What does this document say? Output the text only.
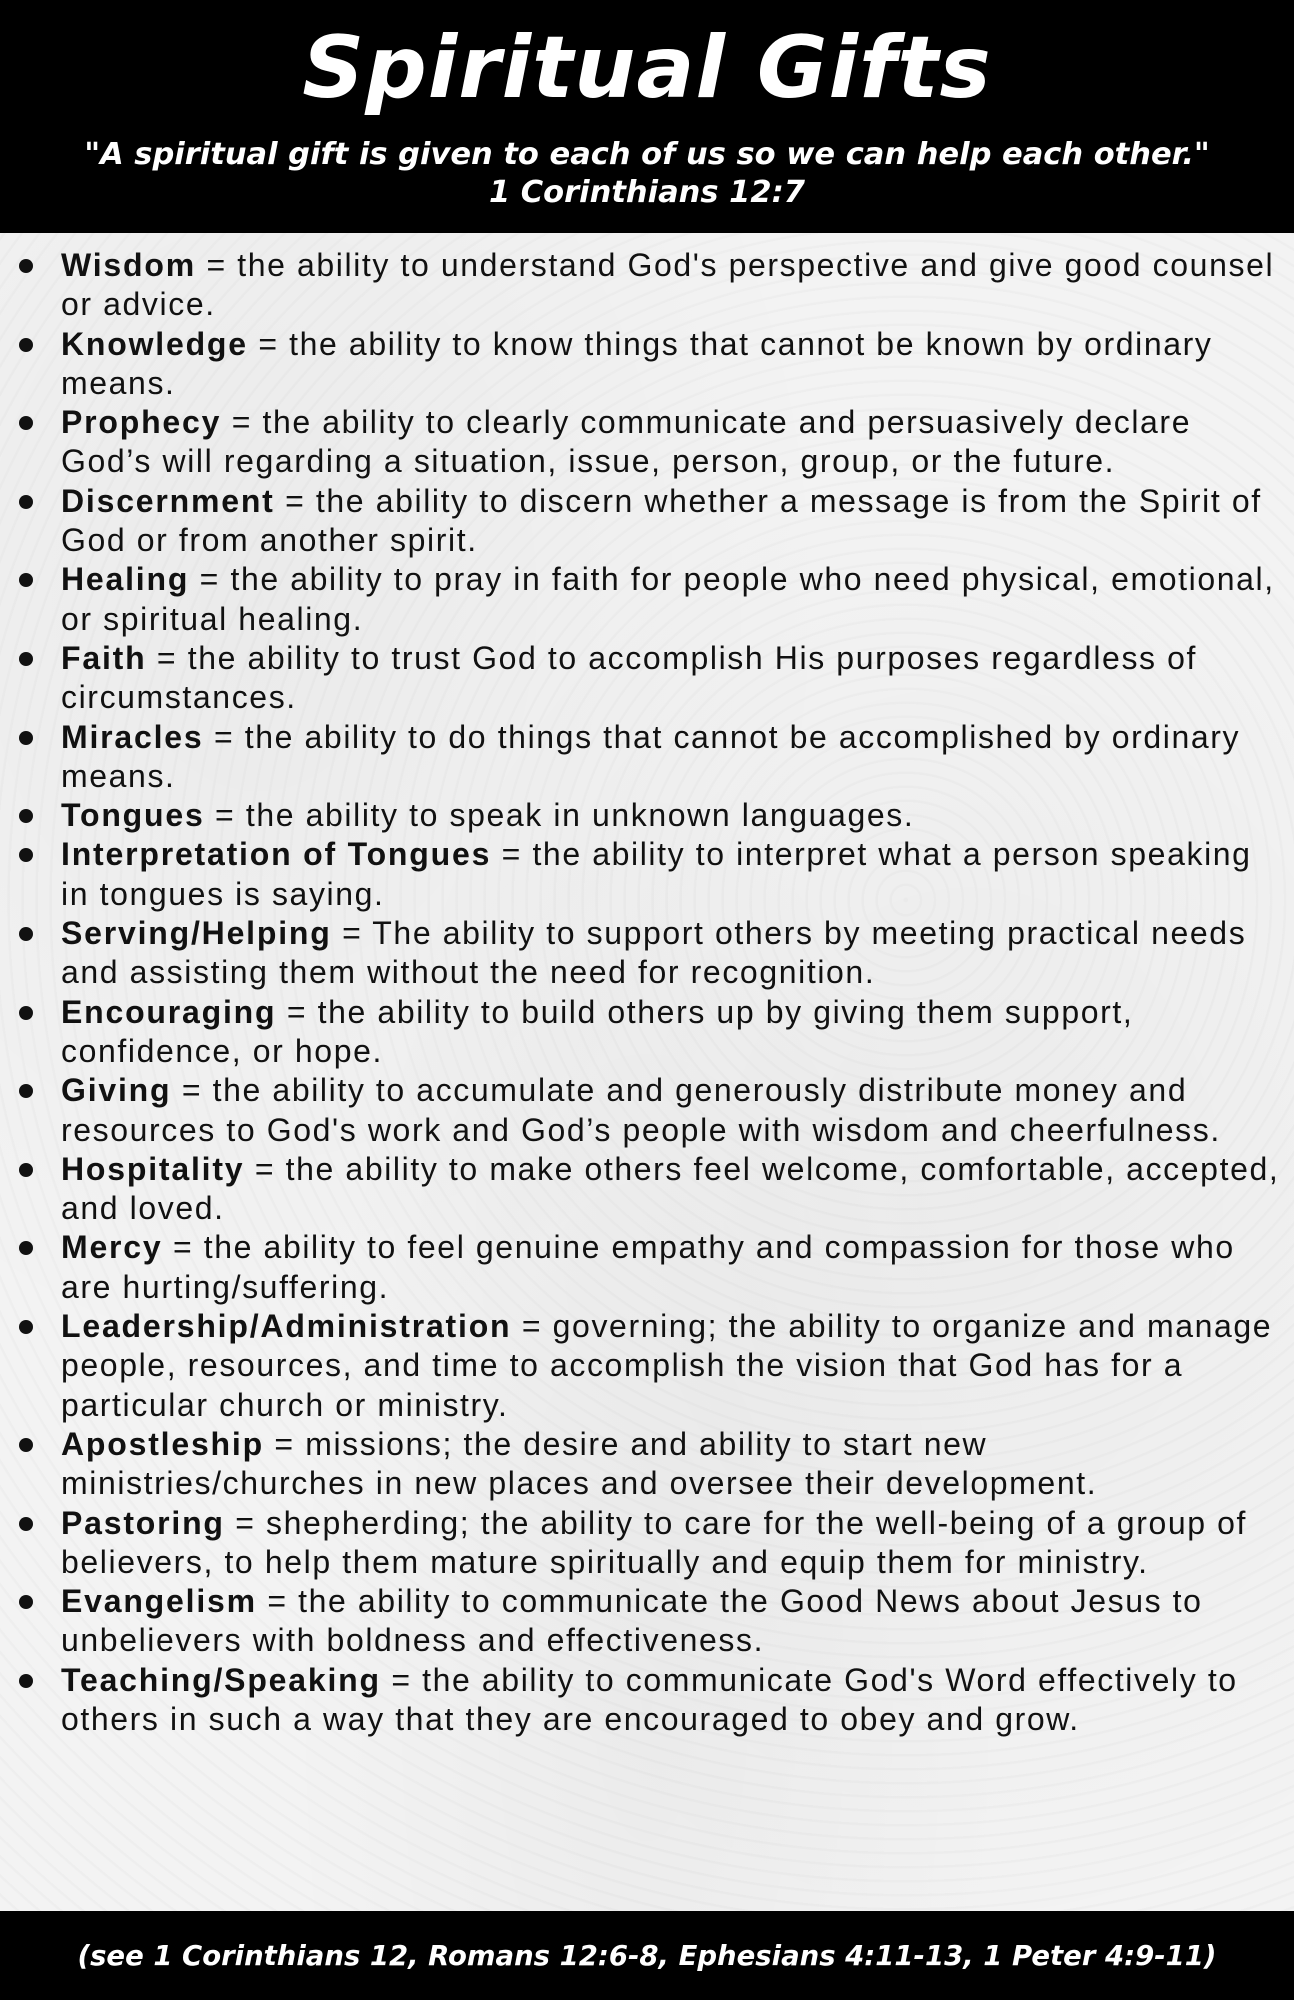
Spiritual Gifts
"A spiritual gift is given to each of us so we can help each other."
1 Corinthians 12:7
Wisdom = the ability to understand God's perspective and give good counsel or advice.
Knowledge = the ability to know things that cannot be known by ordinary means.
Prophecy = the ability to clearly communicate and persuasively declare God’s will regarding a situation, issue, person, group, or the future.
Discernment = the ability to discern whether a message is from the Spirit of God or from another spirit.
Healing = the ability to pray in faith for people who need physical, emotional, or spiritual healing.
Faith = the ability to trust God to accomplish His purposes regardless of circumstances.
Miracles = the ability to do things that cannot be accomplished by ordinary means.
Tongues = the ability to speak in unknown languages.
Interpretation of Tongues = the ability to interpret what a person speaking in tongues is saying.
Serving/Helping = The ability to support others by meeting practical needs and assisting them without the need for recognition.
Encouraging = the ability to build others up by giving them support, confidence, or hope.
Giving = the ability to accumulate and generously distribute money and resources to God's work and God’s people with wisdom and cheerfulness.
Hospitality = the ability to make others feel welcome, comfortable, accepted, and loved.
Mercy = the ability to feel genuine empathy and compassion for those who are hurting/suffering.
Leadership/Administration = governing; the ability to organize and manage people, resources, and time to accomplish the vision that God has for a particular church or ministry.
Apostleship = missions; the desire and ability to start new ministries/churches in new places and oversee their development.
Pastoring = shepherding; the ability to care for the well-being of a group of believers, to help them mature spiritually and equip them for ministry.
Evangelism = the ability to communicate the Good News about Jesus to unbelievers with boldness and effectiveness.
Teaching/Speaking = the ability to communicate God's Word effectively to others in such a way that they are encouraged to obey and grow.
(see 1 Corinthians 12, Romans 12:6-8, Ephesians 4:11-13, 1 Peter 4:9-11)
